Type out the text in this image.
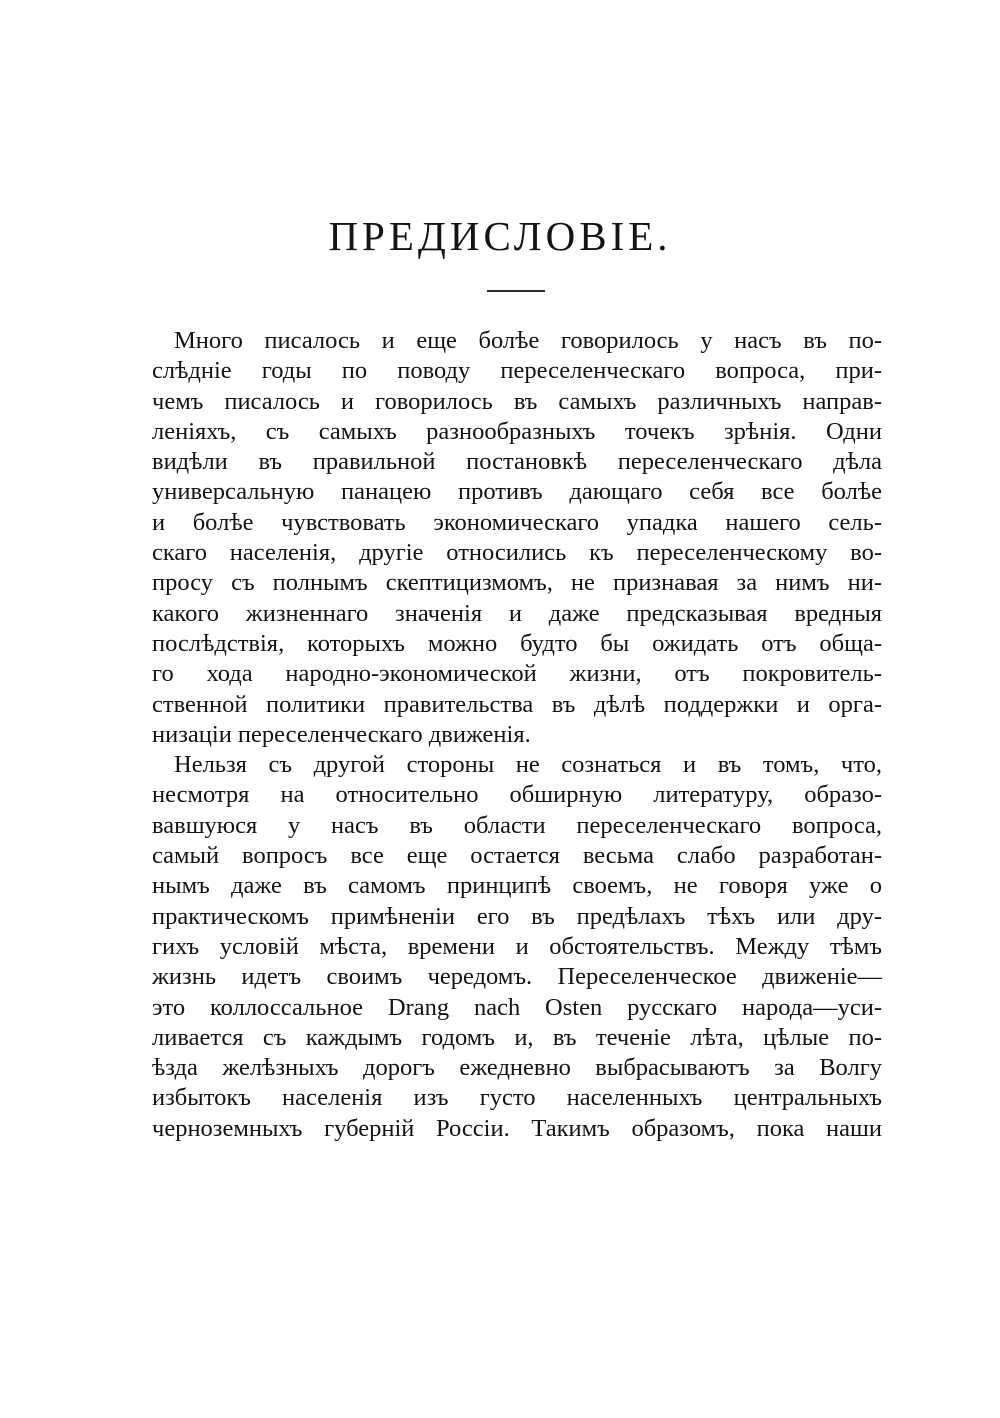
ПРЕДИСЛОВІЕ.
Много писалось и еще болѣе говорилось у насъ въ по-
слѣднiе годы по поводу переселенческаго вопроса, при-
чемъ писалось и говорилось въ самыхъ различныхъ направ-
ленiяхъ, съ самыхъ разнообразныхъ точекъ зрѣнiя. Одни
видѣли въ правильной постановкѣ переселенческаго дѣла
универсальную панацею противъ дающаго себя все болѣе
и болѣе чувствовать экономическаго упадка нашего сель-
скаго населенiя, другiе относились къ переселенческому во-
просу съ полнымъ скептицизмомъ, не признавая за нимъ ни-
какого жизненнаго значенiя и даже предсказывая вредныя
послѣдствiя, которыхъ можно будто бы ожидать отъ обща-
го хода народно-экономической жизни, отъ покровитель-
ственной политики правительства въ дѣлѣ поддержки и орга-
низацiи переселенческаго движенiя.
Нельзя съ другой стороны не сознаться и въ томъ, что,
несмотря на относительно обширную литературу, образо-
вавшуюся у насъ въ области переселенческаго вопроса,
самый вопросъ все еще остается весьма слабо разработан-
нымъ даже въ самомъ принципѣ своемъ, не говоря уже о
практическомъ примѣненiи его въ предѣлахъ тѣхъ или дру-
гихъ условiй мѣста, времени и обстоятельствъ. Между тѣмъ
жизнь идетъ своимъ чередомъ. Переселенческое движенiе—
это коллоссальное Drang nach Osten русскаго народа—уси-
ливается съ каждымъ годомъ и, въ теченiе лѣта, цѣлые по-
ѣзда желѣзныхъ дорогъ ежедневно выбрасываютъ за Волгу
избытокъ населенiя изъ густо населенныхъ центральныхъ
черноземныхъ губернiй Россiи. Такимъ образомъ, пока наши
